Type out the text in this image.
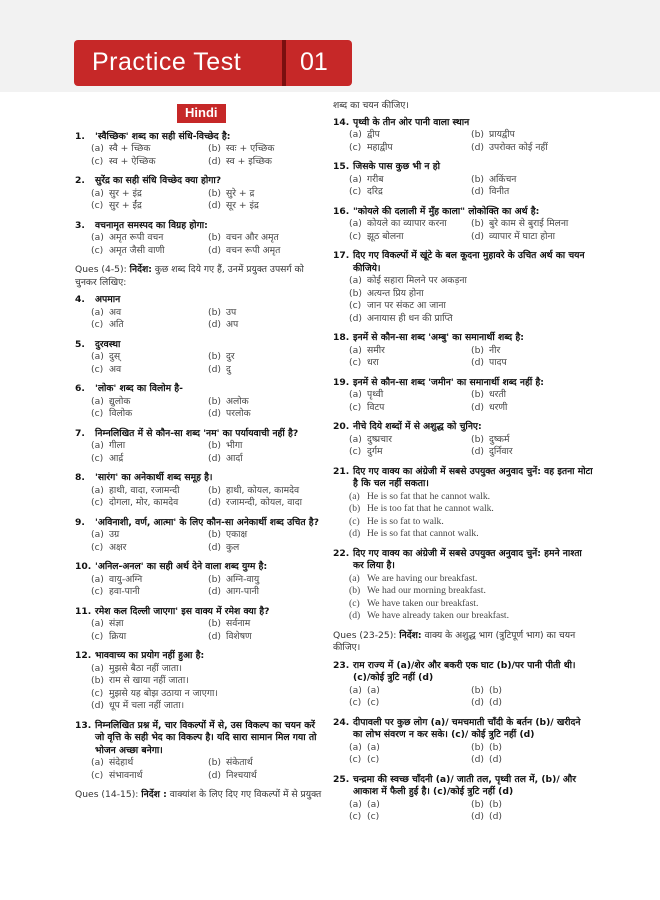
Practice Test 01
Hindi
1.	'स्वैच्छिक' शब्द का सही संधि-विच्छेद है:
(a) स्वै + च्छिक	(b) स्वः + एच्छिक
(c) स्व + ऐच्छिक	(d) स्व + इच्छिक
2.	सुरेंद्र का सही संधि विच्छेद क्या होगा?
(a) सुर + इंद्र	(b) सुरे + द्र
(c) सुर + ईंद्र	(d) सूर + इंद्र
3.	वचनामृत समस्पद का विग्रह होगा:
(a) अमृत रूपी वचन	(b) वचन और अमृत
(c) अमृत जैसी वाणी	(d) वचन रूपी अमृत
Ques (4-5): निर्देश: कुछ शब्द दिये गए हैं, उनमें प्रयुक्त उपसर्ग को चुनकर लिखिए:
4.	अपमान
(a) अव	(b) उप
(c) अति	(d) अप
5.	दुरवस्था
(a) दुस्	(b) दुर
(c) अव	(d) दु
6.	'लोक' शब्द का विलोम है-
(a) द्युलोक	(b) अलोक
(c) विलोक	(d) परलोक
7.	निम्नलिखित में से कौन-सा शब्द 'नम' का पर्यायवाची नहीं है?
(a) गीला	(b) भीगा
(c) आर्द्र	(d) आर्दा
8.	'सारंग' का अनेकार्थी शब्द समूह है।
(a) हाथी, वादा, रजामन्दी	(b) हाथी, कोयल, कामदेव
(c) दोगला, मोर, कामदेव	(d) रजामन्दी, कोयल, वादा
9.	'अविनाशी, वर्ण, आत्मा' के लिए कौन-सा अनेकार्थी शब्द उचित है?
(a) उग्र	(b) एकाक्ष
(c) अक्षर	(d) कुल
10. 'अनिल-अनल' का सही अर्थ देने वाला शब्द युग्म है:
(a) वायु-अग्नि	(b) अग्नि-वायु
(c) हवा-पानी	(d) आग-पानी
11. रमेश कल दिल्ली जाएगा' इस वाक्य में रमेश क्या है?
(a) संज्ञा	(b) सर्वनाम
(c) क्रिया	(d) विशेषण
12. भाववाच्य का प्रयोग नहीं हुआ है:
(a) मुझसे बैठा नहीं जाता।
(b) राम से खाया नहीं जाता।
(c) मुझसे यह बोझ उठाया न जाएगा।
(d) धूप में चला नहीं जाता।
13. निम्नलिखित प्रश्न में, चार विकल्पों में से, उस विकल्प का चयन करें जो वृत्ति के सही भेद का विकल्प है। यदि सारा सामान मिल गया तो भोजन अच्छा बनेगा।
(a) संदेहार्थ	(b) संकेतार्थ
(c) संभावनार्थ	(d) निश्चयार्थ
Ques (14-15): निर्देश : वाक्यांश के लिए दिए गए विकल्पों में से प्रयुक्त
शब्द का चयन कीजिए।
14. पृथ्वी के तीन ओर पानी वाला स्थान
(a) द्वीप	(b) प्रायद्वीप
(c) महाद्वीप	(d) उपरोक्त कोई नहीं
15. जिसके पास कुछ भी न हो
(a) गरीब	(b) अकिंचन
(c) दरिद्र	(d) विनीत
16. "कोयले की दलाली में मुँह काला" लोकोक्ति का अर्थ है:
(a) कोयले का व्यापार करना	(b) बुरे काम से बुराई मिलना
(c) झूठ बोलना	(d) व्यापार में घाटा होना
17. दिए गए विकल्पों में खूंटे के बल कूदना मुहावरे के उचित अर्थ का चयन कीजिये।
(a) कोई सहारा मिलने पर अकड़ना
(b) अत्यन्त प्रिय होना
(c) जान पर संकट आ जाना
(d) अनायास ही धन की प्राप्ति
18. इनमें से कौन-सा शब्द 'अम्बु' का समानार्थी शब्द है:
(a) समीर	(b) नीर
(c) धरा	(d) पादप
19. इनमें से कौन-सा शब्द 'जमीन' का समानार्थी शब्द नहीं है:
(a) पृथ्वी	(b) धरती
(c) विटप	(d) धरणी
20. नीचे दिये शब्दों में से अशुद्ध को चुनिए:
(a) दुष्प्रचार	(b) दुष्कर्म
(c) दुर्गम	(d) दुर्निवार
21. दिए गए वाक्य का अंग्रेजी में सबसे उपयुक्त अनुवाद चुनें: वह इतना मोटा है कि चल नहीं सकता।
(a) He is so fat that he cannot walk.
(b) He is too fat that he cannot walk.
(c) He is so fat to walk.
(d) He is so fat that cannot walk.
22. दिए गए वाक्य का अंग्रेजी में सबसे उपयुक्त अनुवाद चुनें: हमने नाश्ता कर लिया है।
(a) We are having our breakfast.
(b) We had our morning breakfast.
(c) We have taken our breakfast.
(d) We have already taken our breakfast.
Ques (23-25): निर्देश: वाक्य के अशुद्ध भाग (त्रुटिपूर्ण भाग) का चयन कीजिए।
23. राम राज्य में (a)/शेर और बकरी एक घाट (b)/पर पानी पीती थी। (c)/कोई त्रुटि नहीं (d)
(a) (a)	(b) (b)
(c) (c)	(d) (d)
24. दीपावली पर कुछ लोग (a)/ चमचमाती चाँदी के बर्तन (b)/ खरीदने का लोभ संवरण न कर सके। (c)/ कोई त्रुटि नहीं (d)
(a) (a)	(b) (b)
(c) (c)	(d) (d)
25. चन्द्रमा की स्वच्छ चाँदनी (a)/ जाती तल, पृथ्वी तल में, (b)/ और आकाश में फैली हुई है। (c)/कोई त्रुटि नहीं (d)
(a) (a)	(b) (b)
(c) (c)	(d) (d)
